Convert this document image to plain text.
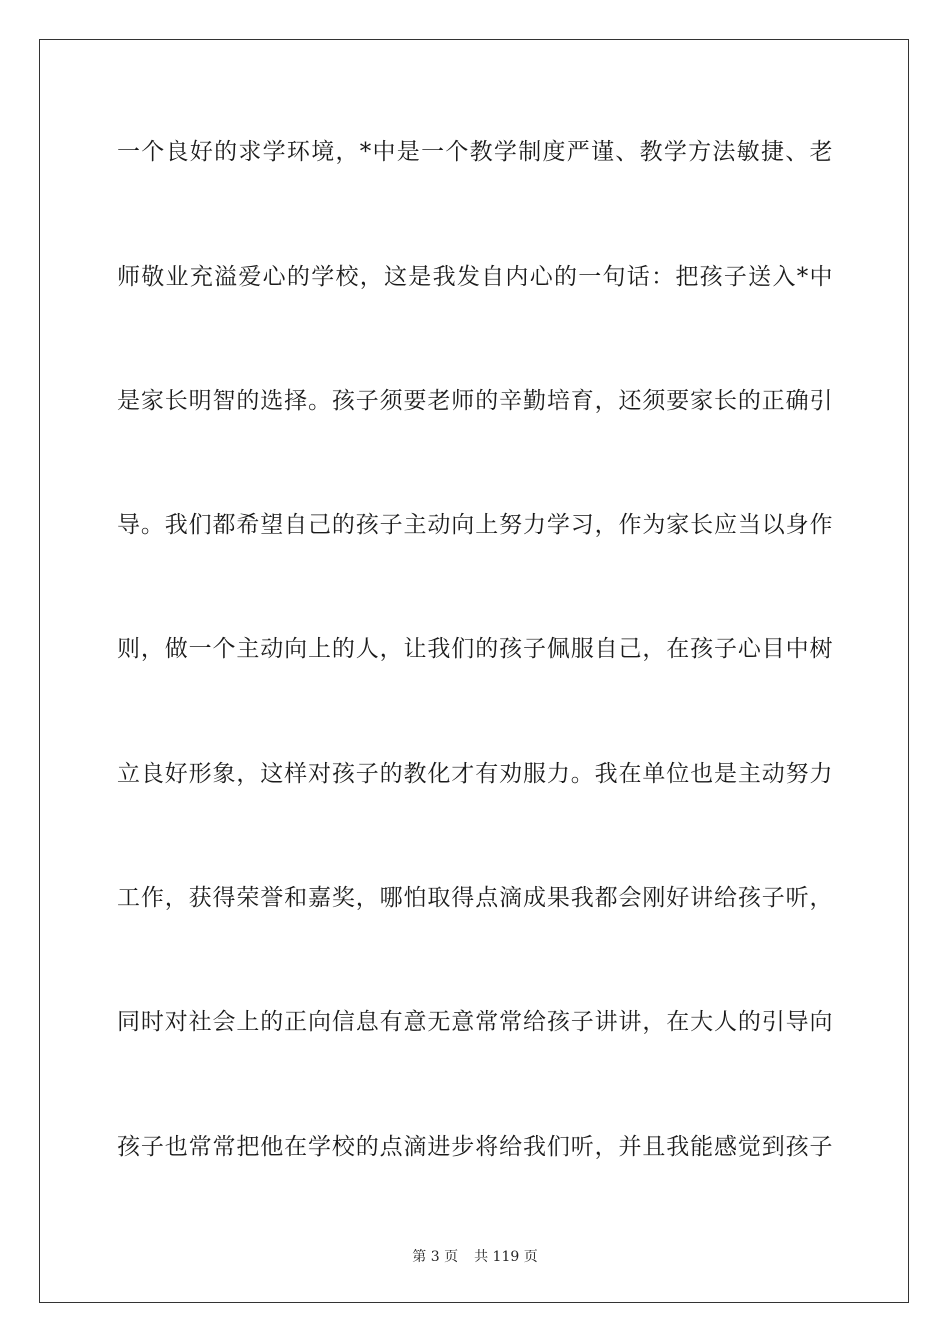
一个良好的求学环境，*中是一个教学制度严谨、教学方法敏捷、老
师敬业充溢爱心的学校，这是我发自内心的一句话：把孩子送入*中
是家长明智的选择。孩子须要老师的辛勤培育，还须要家长的正确引
导。我们都希望自己的孩子主动向上努力学习，作为家长应当以身作
则，做一个主动向上的人，让我们的孩子佩服自己，在孩子心目中树
立良好形象，这样对孩子的教化才有劝服力。我在单位也是主动努力
工作，获得荣誉和嘉奖，哪怕取得点滴成果我都会刚好讲给孩子听，
同时对社会上的正向信息有意无意常常给孩子讲讲，在大人的引导向
孩子也常常把他在学校的点滴进步将给我们听，并且我能感觉到孩子
第 3 页 共 119 页
